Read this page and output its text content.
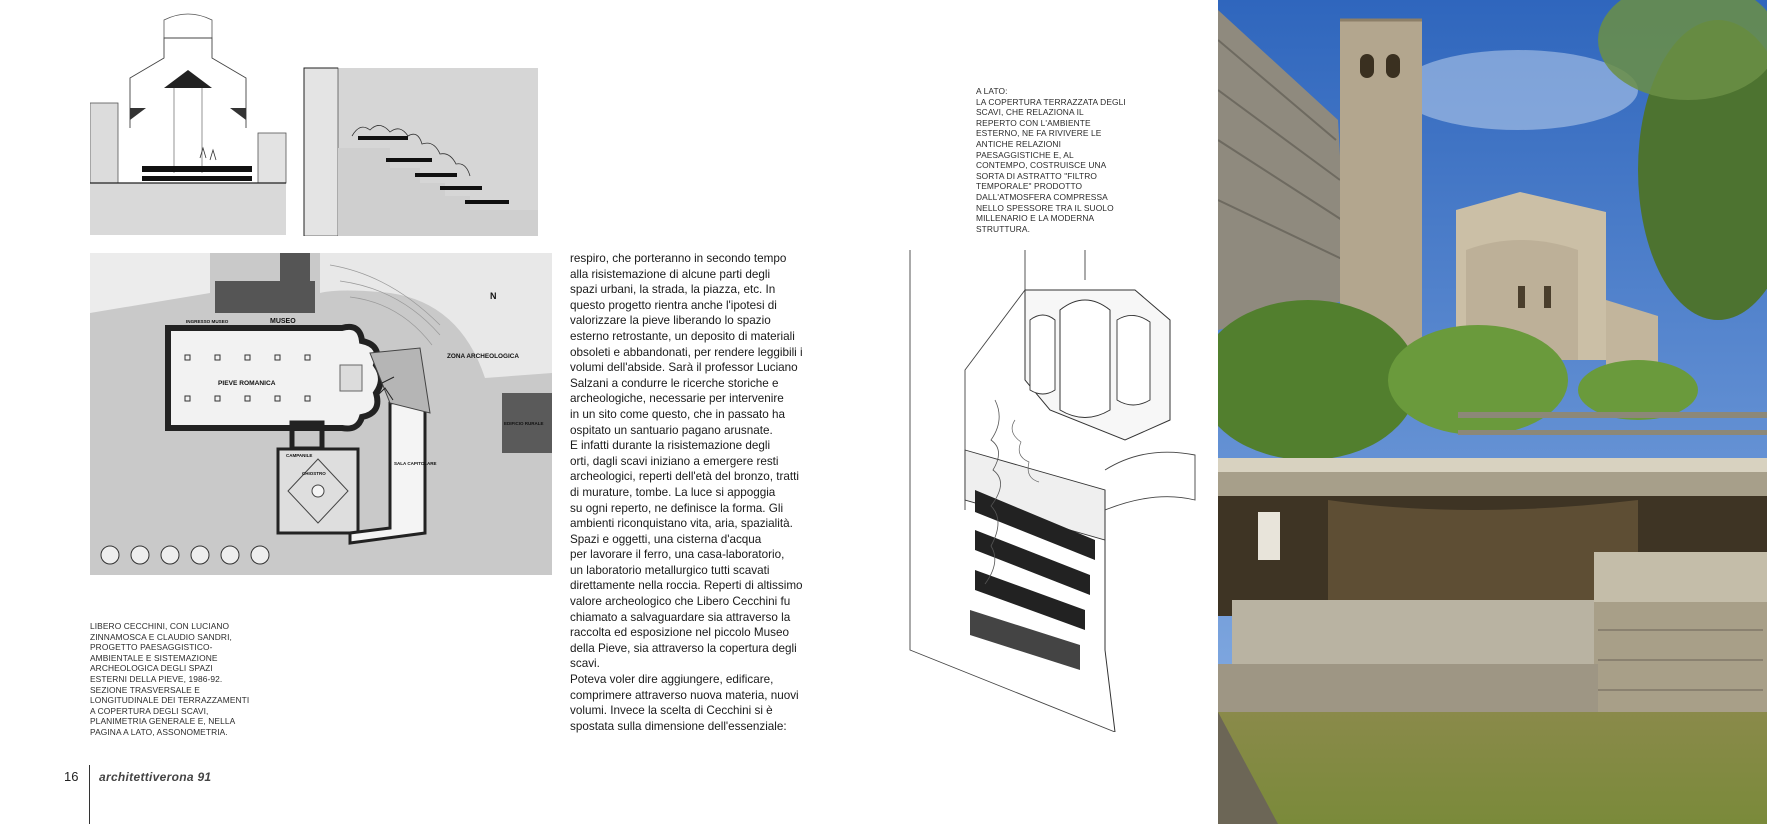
N
MUSEO
INGRESSO MUSEO
PIEVE ROMANICA
ZONA ARCHEOLOGICA
CAMPANILE
CHIOSTRO
SALA CAPITOLARE
EDIFICIO RURALE
respiro, che porteranno in secondo tempo
alla risistemazione di alcune parti degli
spazi urbani, la strada, la piazza, etc. In
questo progetto rientra anche l'ipotesi di
valorizzare la pieve liberando lo spazio
esterno retrostante, un deposito di materiali
obsoleti e abbandonati, per rendere leggibili i
volumi dell'abside. Sarà il professor Luciano
Salzani a condurre le ricerche storiche e
archeologiche, necessarie per intervenire
in un sito come questo, che in passato ha
ospitato un santuario pagano arusnate.
E infatti durante la risistemazione degli
orti, dagli scavi iniziano a emergere resti
archeologici, reperti dell'età del bronzo, tratti
di murature, tombe. La luce si appoggia
su ogni reperto, ne definisce la forma. Gli
ambienti riconquistano vita, aria, spazialità.
Spazi e oggetti, una cisterna d'acqua
per lavorare il ferro, una casa-laboratorio,
un laboratorio metallurgico tutti scavati
direttamente nella roccia. Reperti di altissimo
valore archeologico che Libero Cecchini fu
chiamato a salvaguardare sia attraverso la
raccolta ed esposizione nel piccolo Museo
della Pieve, sia attraverso la copertura degli
scavi.
Poteva voler dire aggiungere, edificare,
comprimere attraverso nuova materia, nuovi
volumi. Invece la scelta di Cecchini si è
spostata sulla dimensione dell'essenziale:
A LATO:
LA COPERTURA TERRAZZATA DEGLI SCAVI, CHE RELAZIONA IL REPERTO CON L'AMBIENTE ESTERNO, NE FA RIVIVERE LE ANTICHE RELAZIONI PAESAGGISTICHE E, AL CONTEMPO, COSTRUISCE UNA SORTA DI ASTRATTO "FILTRO TEMPORALE" PRODOTTO DALL'ATMOSFERA COMPRESSA NELLO SPESSORE TRA IL SUOLO MILLENARIO E LA MODERNA STRUTTURA.
LIBERO CECCHINI, CON LUCIANO ZINNAMOSCA E CLAUDIO SANDRI, PROGETTO PAESAGGISTICO-AMBIENTALE E SISTEMAZIONE ARCHEOLOGICA DEGLI SPAZI ESTERNI DELLA PIEVE, 1986-92. SEZIONE TRASVERSALE E LONGITUDINALE DEI TERRAZZAMENTI A COPERTURA DEGLI SCAVI, PLANIMETRIA GENERALE E, NELLA PAGINA A LATO, ASSONOMETRIA.
16 architettiverona 91
